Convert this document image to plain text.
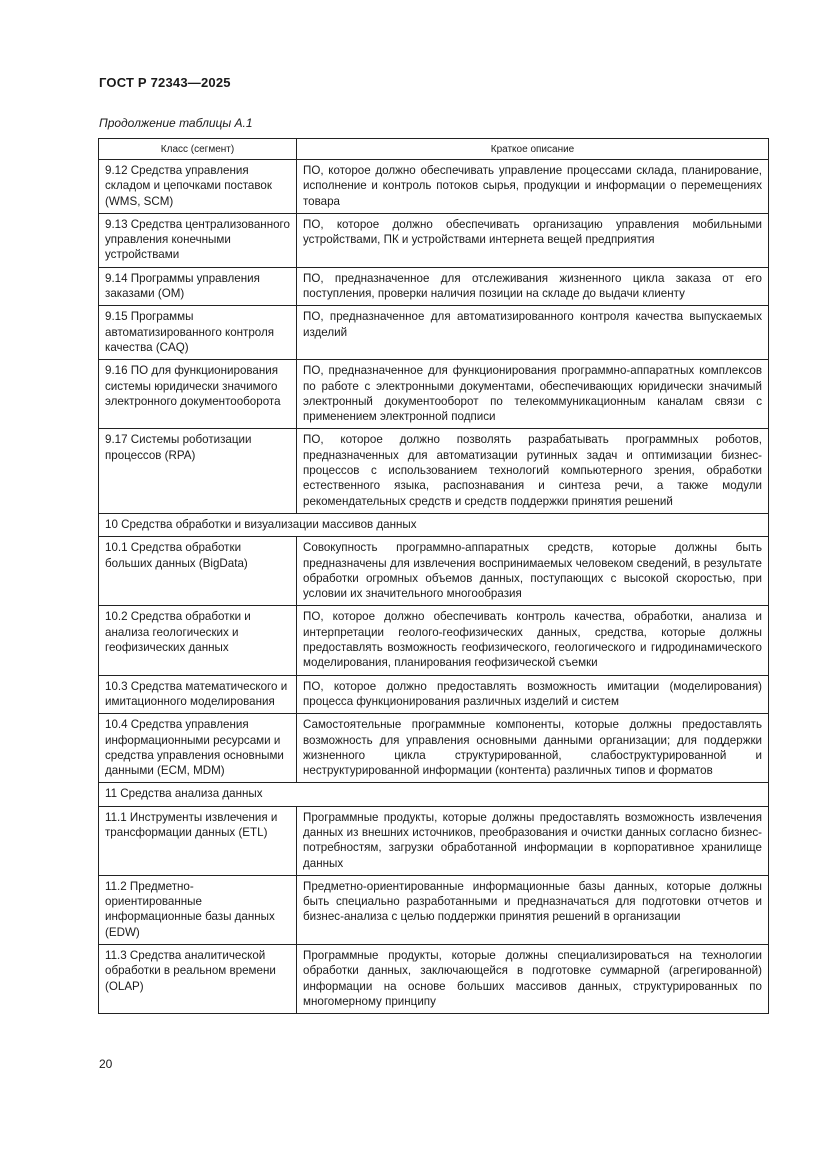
ГОСТ Р 72343—2025
Продолжение таблицы А.1
Класс (сегмент)	Краткое описание
9.12 Средства управления складом и цепочками поставок (WMS, SCM)	ПО, которое должно обеспечивать управление процессами склада, планирование, исполнение и контроль потоков сырья, продукции и информации о перемещениях товара
9.13 Средства централизованного управления конечными устройствами	ПО, которое должно обеспечивать организацию управления мобильными устройствами, ПК и устройствами интернета вещей предприятия
9.14 Программы управления заказами (OM)	ПО, предназначенное для отслеживания жизненного цикла заказа от его поступления, проверки наличия позиции на складе до выдачи клиенту
9.15 Программы автоматизированного контроля качества (CAQ)	ПО, предназначенное для автоматизированного контроля качества выпускаемых изделий
9.16 ПО для функционирования системы юридически значимого электронного документооборота	ПО, предназначенное для функционирования программно-аппаратных комплексов по работе с электронными документами, обеспечивающих юридически значимый электронный документооборот по телекоммуникационным каналам связи с применением электронной подписи
9.17 Системы роботизации процессов (RPA)	ПО, которое должно позволять разрабатывать программных роботов, предназначенных для автоматизации рутинных задач и оптимизации бизнес-процессов с использованием технологий компьютерного зрения, обработки естественного языка, распознавания и синтеза речи, а также модули рекомендательных средств и средств поддержки принятия решений
10 Средства обработки и визуализации массивов данных	
10.1 Средства обработки больших данных (BigData)	Совокупность программно-аппаратных средств, которые должны быть предназначены для извлечения воспринимаемых человеком сведений, в результате обработки огромных объемов данных, поступающих с высокой скоростью, при условии их значительного многообразия
10.2 Средства обработки и анализа геологических и геофизических данных	ПО, которое должно обеспечивать контроль качества, обработки, анализа и интерпретации геолого-геофизических данных, средства, которые должны предоставлять возможность геофизического, геологического и гидродинамического моделирования, планирования геофизической съемки
10.3 Средства математического и имитационного моделирования	ПО, которое должно предоставлять возможность имитации (моделирования) процесса функционирования различных изделий и систем
10.4 Средства управления информационными ресурсами и средства управления основными данными (ECM, MDM)	Самостоятельные программные компоненты, которые должны предоставлять возможность для управления основными данными организации; для поддержки жизненного цикла структурированной, слабоструктурированной и неструктурированной информации (контента) различных типов и форматов
11 Средства анализа данных	
11.1 Инструменты извлечения и трансформации данных (ETL)	Программные продукты, которые должны предоставлять возможность извлечения данных из внешних источников, преобразования и очистки данных согласно бизнес-потребностям, загрузки обработанной информации в корпоративное хранилище данных
11.2 Предметно-ориентированные информационные базы данных (EDW)	Предметно-ориентированные информационные базы данных, которые должны быть специально разработанными и предназначаться для подготовки отчетов и бизнес-анализа с целью поддержки принятия решений в организации
11.3 Средства аналитической обработки в реальном времени (OLAP)	Программные продукты, которые должны специализироваться на технологии обработки данных, заключающейся в подготовке суммарной (агрегированной) информации на основе больших массивов данных, структурированных по многомерному принципу
20
